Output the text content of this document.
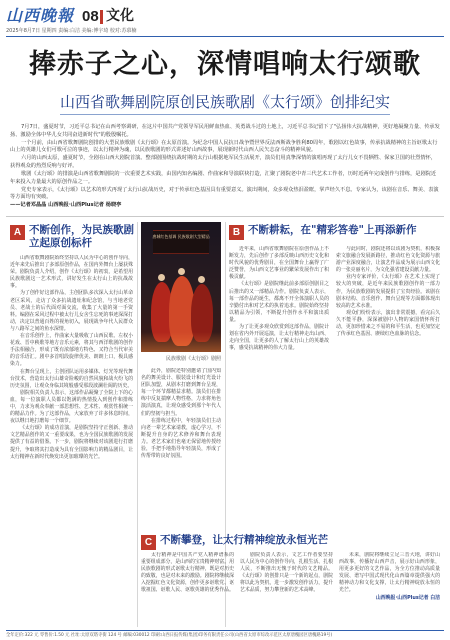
山西晚報 08 文化
2025年8月7日 星期四 责编:白洁 美编:博宇琦 校对:苏慕楠
捧赤子之心，深情唱响太行颂歌
山西省歌舞剧院原创民族歌剧《太行颂》创排纪实

7月7日，盛夏时节，习近平总书记在山西考察调研，在这片中国共产党领导军民用鲜血热血、英勇战斗过的土地上，习近平总书记留下了"弘扬伟大抗战精神，更好地凝聚力量、传承发扬、激励全体中华儿女共同奋进新时代"的殷殷嘱托。

一个月前，由山西省歌舞剧院创排的大型民族歌剧《太行颂》在太原首演。为纪念中国人民抗日战争暨世界反法西斯战争胜利80周年，歌剧以红色故事，传承抗战精神的主旨讴歌太行山上的英雄儿女们可歌可泣的事迹，以太行精神为魂，以民族歌剧的形式讲述好山西故事，展现新时代山西人民矢志奋斗的精神风貌。

六月的山西太原，盛夏时节，全剧在山西大剧院首演。整部剧围绕抗战时期的太行山根据地军民生活展开，演员们用真挚深情的演唱再现了太行儿女不畏牺牲、保家卫国的壮烈情怀，获得观众的热烈反响与好评。

歌剧《太行颂》的排演是山西省歌舞剧院的一次重要艺术实践，由国内知名编剧、作曲家和导演联袂打造，汇聚了剧院老中青三代艺术工作者，历时近两年完成创作与排练，是剧院近年来投入力量最大的原创作品之一。

党史专家表示，《太行颂》以艺术的形式再现了太行山抗战历史，对于传承红色基因具有重要意义。演出期间，众多观众热泪盈眶，掌声经久不息。专家认为，该剧在音乐、舞美、表演等方面均有突破。

——记者邓晶晶 山西晚报·山西Plus记者 杨晓亭

A 不断创作，为民族歌剧立起原创标杆

山西省歌舞剧院始终坚持以人民为中心的创作导向，近年来先后推出了多部原创作品，在国内外舞台上屡获殊荣。剧院负责人介绍，创作《太行颂》的初衷，是希望用民族歌剧这一艺术形式，讲好发生在太行山上的抗战故事。

为了创作好这部作品，主创团队多次深入太行山革命老区采风，走访了众多抗战遗址和纪念馆，与当地老党员、老战士的后代面对面交流，收集了大量的第一手资料。编剧在采风过程中被太行儿女舍生忘死的事迹深深打动，决定以普通百姓的视角切入，展现战争年代人民群众与八路军之间的鱼水深情。

在音乐创作上，作曲家大量吸收了山西民歌、左权小花戏、晋中秧歌等地方音乐元素，将其与西洋歌剧的创作手法相融合，形成了既有浓郁地方特色、又符合当代审美的音乐语汇。剧中多首唱段旋律优美、朗朗上口，极具感染力。

在舞台呈现上，主创团队运用多媒体、灯光等现代舞台技术，营造出太行山雄奇险峻的自然风貌和战火纷飞的历史氛围，让观众身临其境般感受那段波澜壮阔的历史。

剧院相关负责人表示，这部作品凝聚了全院上下的心血，每一位演职人员都以饱满的热情投入到创作和排练中，力求为观众奉献一部思想性、艺术性、观赏性相统一的精品力作。为了这部作品，大家放弃了许多休息时间，夜以继日地打磨每一个细节。

《太行颂》的成功首演，是剧院坚持守正创新、推动文艺精品创作的又一重要成果，也为全国民族歌剧的发展提供了有益的借鉴。下一步，剧院将继续对该剧进行打磨提升，争取将其打造成为具有全国影响力的精品剧目，让太行精神在新时代焕发出更加璀璨的光芒。

唐城红色基调 民族歌剧大型精品
民族歌剧《太行颂》剧照

此外，剧院还特别邀请了国内知名的舞美设计、服装设计和灯光设计团队加盟，从剧本打磨到舞台呈现，每一个环节都精益求精。演员们在排练中反复揣摩人物性格，力求将角色演活演真，让观众感受到那个年代人们的坚韧与担当。

在排练过程中，年轻演员们主动向老一辈艺术家请教，虚心学习，不断提升自身的艺术修养和舞台表现力。老艺术家们也毫无保留地传授经验，手把手地指导年轻演员，形成了传帮带的良好氛围。

B 不断耕耘，在"精彩答卷"上再添新作

近年来，山西省歌舞剧院在原创作品上不断发力，先后创作了多部反映山西历史文化和时代风貌的优秀剧目，在全国舞台上赢得了广泛赞誉，为山西文艺事业的繁荣发展作出了积极贡献。

《太行颂》是剧院继此前多部原创剧目之后推出的又一部精品力作。剧院负责人表示，每一部作品的诞生，都离不开全体演职人员的辛勤付出和对艺术的执着追求。剧院始终坚持以精品为引领，不断提升创作水平和演出质量。

为了让更多观众欣赏到这部作品，剧院计划在省内外开展巡演，让太行精神走出山西、走向全国，让更多的人了解太行山上的英雄故事，感受抗战精神的伟大力量。

与此同时，剧院还将以该剧为契机，积极探索文旅融合发展新路径，推动红色文化资源与旅游产业深度融合，让演艺作品成为展示山西文化的一张亮丽名片，为文化强省建设贡献力量。

业内专家评价，《太行颂》在艺术上实现了较大的突破，是近年来民族歌剧创作的一部力作，为民族歌剧的发展提供了宝贵经验。该剧在剧本结构、音乐创作、舞台呈现等方面都体现出较高的艺术水准。

观众们纷纷表示，演出非常震撼，看完后久久不能平静，深深被剧中人物的家国情怀所打动，更加珍惜来之不易的和平生活，也更加坚定了传承红色基因、赓续红色血脉的信念。

C 不断攀登，让太行精神绽放永恒光芒

太行精神是中国共产党人精神谱系的重要组成部分，是山西的宝贵精神财富。用民族歌剧的形式讴歌太行精神，既是对历史的致敬，也是对未来的激励。剧院将继续深入挖掘红色文化资源，创作更多讴歌党、讴歌祖国、讴歌人民、讴歌英雄的优秀作品。

剧院负责人表示，文艺工作者要坚持以人民为中心的创作导向，扎根生活、扎根人民，不断推出无愧于时代的文艺精品。《太行颂》的创排只是一个新的起点，剧院将以此为契机，进一步激发创作活力，提升艺术品质，努力攀登新的艺术高峰。

未来，剧院将继续立足三晋大地，讲好山西故事，传播好山西声音，展示好山西形象，用更多更好的文艺作品，为全方位推动高质量发展、谱写中国式现代化山西篇章提供强大的精神动力和文化支撑，让太行精神绽放永恒的光芒。

山西晚报·山西Plus记者 白洁

全年定价:322 元 零售价:1.50 元 社址:太原双塔寺街 124 号 邮编:030012 印刷:山西日报传媒(集团)印务有限责任公司(山西省太原市综改示范区太原唐槐园区唐槐路19号)
